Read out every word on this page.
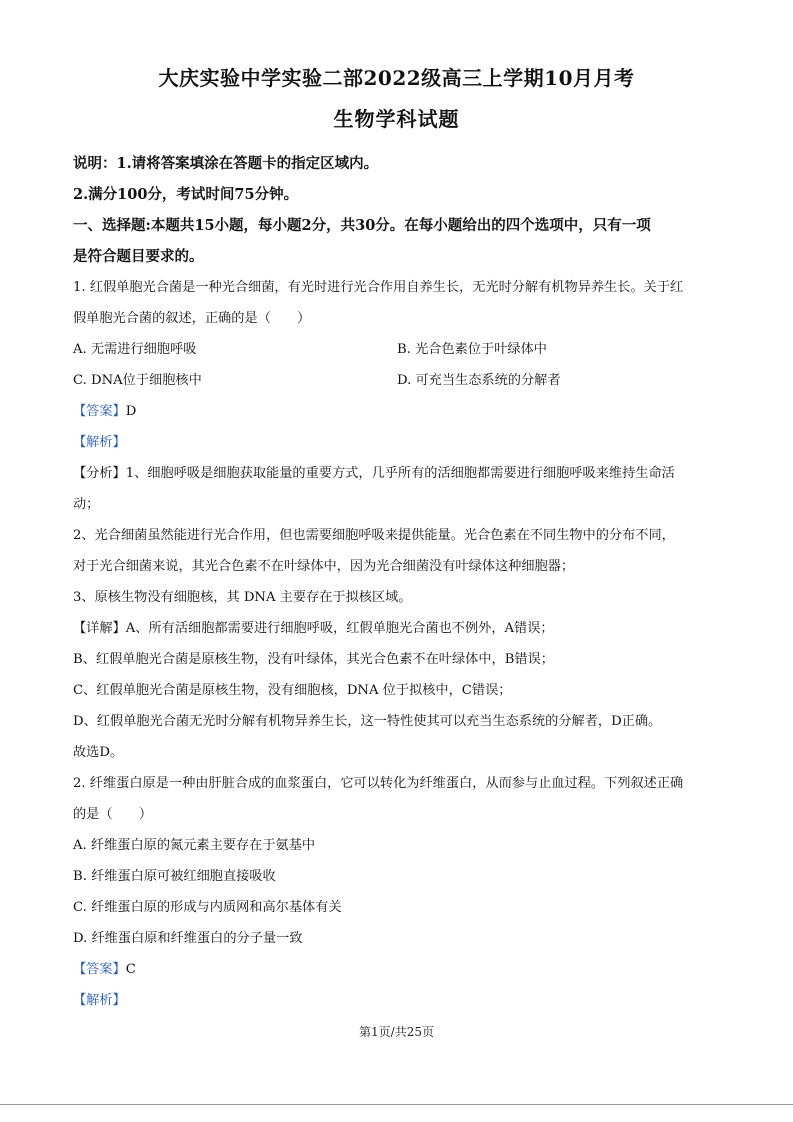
大庆实验中学实验二部2022级高三上学期10月月考
生物学科试题
说明：1.请将答案填涂在答题卡的指定区域内。
2.满分100分，考试时间75分钟。
一、选择题:本题共15小题，每小题2分，共30分。在每小题给出的四个选项中，只有一项
是符合题目要求的。
1. 红假单胞光合菌是一种光合细菌，有光时进行光合作用自养生长，无光时分解有机物异养生长。关于红
假单胞光合菌的叙述，正确的是（　　）
A. 无需进行细胞呼吸	B. 光合色素位于叶绿体中
C. DNA位于细胞核中	D. 可充当生态系统的分解者
【答案】D
【解析】
【分析】1、细胞呼吸是细胞获取能量的重要方式，几乎所有的活细胞都需要进行细胞呼吸来维持生命活
动；
2、光合细菌虽然能进行光合作用，但也需要细胞呼吸来提供能量。光合色素在不同生物中的分布不同，
对于光合细菌来说，其光合色素不在叶绿体中，因为光合细菌没有叶绿体这种细胞器；
3、原核生物没有细胞核，其 DNA 主要存在于拟核区域。
【详解】A、所有活细胞都需要进行细胞呼吸，红假单胞光合菌也不例外，A错误；
B、红假单胞光合菌是原核生物，没有叶绿体，其光合色素不在叶绿体中，B错误；
C、红假单胞光合菌是原核生物，没有细胞核，DNA 位于拟核中，C错误；
D、红假单胞光合菌无光时分解有机物异养生长，这一特性使其可以充当生态系统的分解者，D正确。
故选D。
2. 纤维蛋白原是一种由肝脏合成的血浆蛋白，它可以转化为纤维蛋白，从而参与止血过程。下列叙述正确
的是（　　）
A. 纤维蛋白原的氮元素主要存在于氨基中
B. 纤维蛋白原可被红细胞直接吸收
C. 纤维蛋白原的形成与内质网和高尔基体有关
D. 纤维蛋白原和纤维蛋白的分子量一致
【答案】C
【解析】
第1页/共25页
